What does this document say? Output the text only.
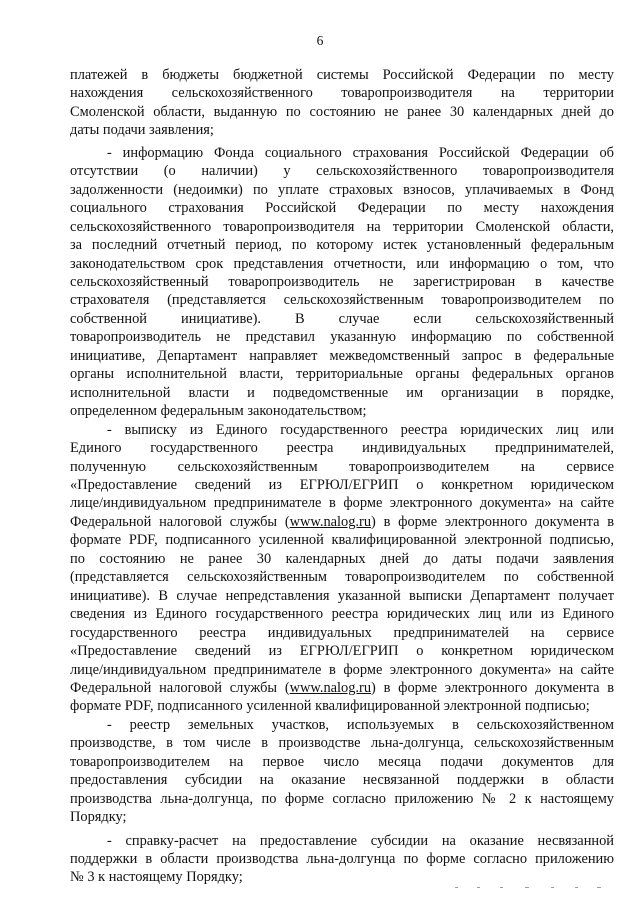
6

платежей в бюджеты бюджетной системы Российской Федерации по месту
нахождения сельскохозяйственного товаропроизводителя на территории
Смоленской области, выданную по состоянию не ранее 30 календарных дней до
даты подачи заявления;

- информацию Фонда социального страхования Российской Федерации об
отсутствии (о наличии) у сельскохозяйственного товаропроизводителя
задолженности (недоимки) по уплате страховых взносов, уплачиваемых в Фонд
социального страхования Российской Федерации по месту нахождения
сельскохозяйственного товаропроизводителя на территории Смоленской области,
за последний отчетный период, по которому истек установленный федеральным
законодательством срок представления отчетности, или информацию о том, что
сельскохозяйственный товаропроизводитель не зарегистрирован в качестве
страхователя (представляется сельскохозяйственным товаропроизводителем по
собственной инициативе). В случае если сельскохозяйственный
товаропроизводитель не представил указанную информацию по собственной
инициативе, Департамент направляет межведомственный запрос в федеральные
органы исполнительной власти, территориальные органы федеральных органов
исполнительной власти и подведомственные им организации в порядке,
определенном федеральным законодательством;

- выписку из Единого государственного реестра юридических лиц или
Единого государственного реестра индивидуальных предпринимателей,
полученную сельскохозяйственным товаропроизводителем на сервисе
«Предоставление сведений из ЕГРЮЛ/ЕГРИП о конкретном юридическом
лице/индивидуальном предпринимателе в форме электронного документа» на сайте
Федеральной налоговой службы (www.nalog.ru) в форме электронного документа в
формате PDF, подписанного усиленной квалифицированной электронной подписью,
по состоянию не ранее 30 календарных дней до даты подачи заявления
(представляется сельскохозяйственным товаропроизводителем по собственной
инициативе). В случае непредставления указанной выписки Департамент получает
сведения из Единого государственного реестра юридических лиц или из Единого
государственного реестра индивидуальных предпринимателей на сервисе
«Предоставление сведений из ЕГРЮЛ/ЕГРИП о конкретном юридическом
лице/индивидуальном предпринимателе в форме электронного документа» на сайте
Федеральной налоговой службы (www.nalog.ru) в форме электронного документа в
формате PDF, подписанного усиленной квалифицированной электронной подписью;

- реестр земельных участков, используемых в сельскохозяйственном
производстве, в том числе в производстве льна-долгунца, сельскохозяйственным
товаропроизводителем на первое число месяца подачи документов для
предоставления субсидии на оказание несвязанной поддержки в области
производства льна-долгунца, по форме согласно приложению № 2 к настоящему
Порядку;

- справку-расчет на предоставление субсидии на оказание несвязанной
поддержки в области производства льна-долгунца по форме согласно приложению
№ 3 к настоящему Порядку;
